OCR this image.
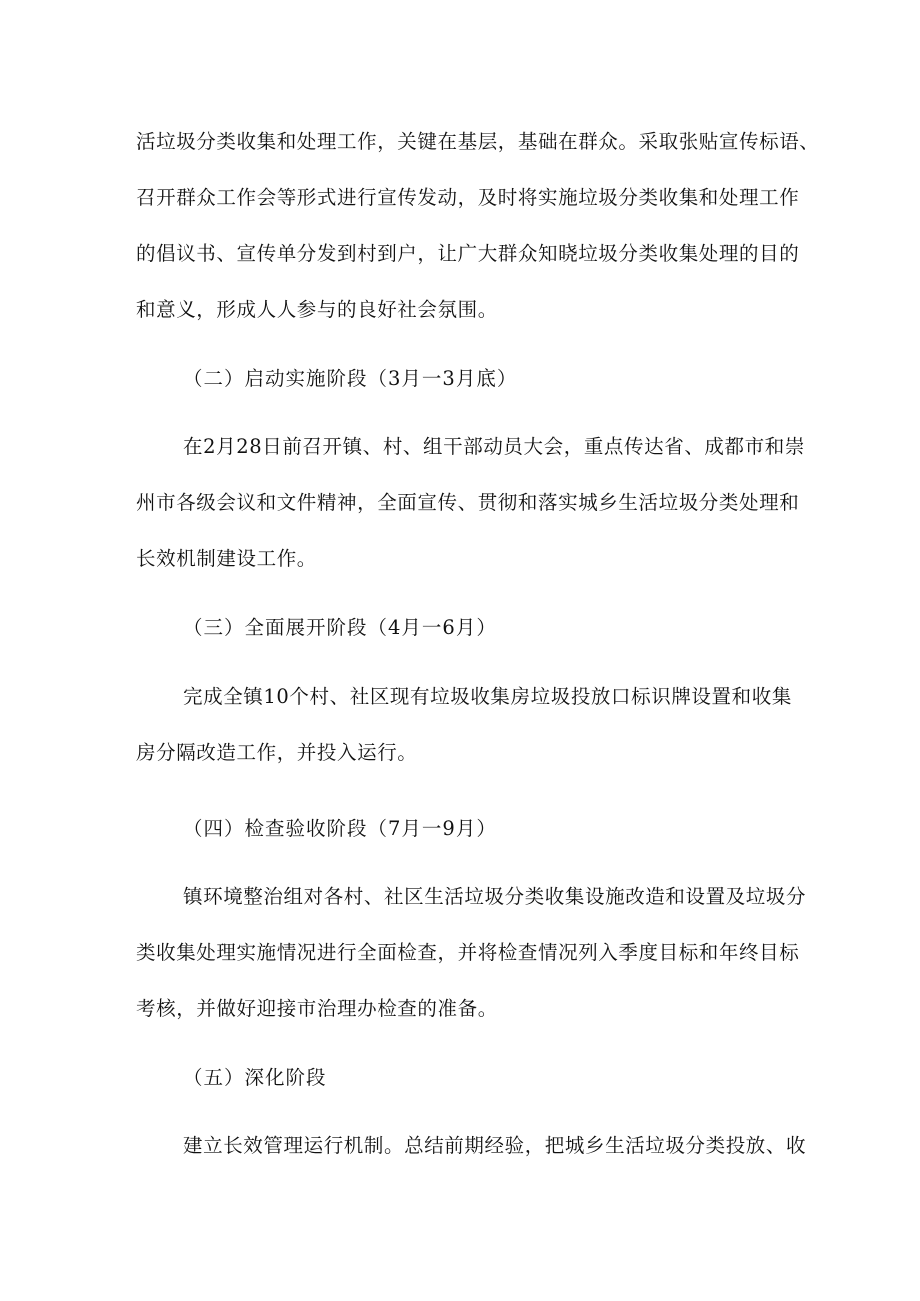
活垃圾分类收集和处理工作，关键在基层，基础在群众。采取张贴宣传标语、
召开群众工作会等形式进行宣传发动，及时将实施垃圾分类收集和处理工作
的倡议书、宣传单分发到村到户，让广大群众知晓垃圾分类收集处理的目的
和意义，形成人人参与的良好社会氛围。
（二）启动实施阶段（3月一3月底）
在2月28日前召开镇、村、组干部动员大会，重点传达省、成都市和崇
州市各级会议和文件精神，全面宣传、贯彻和落实城乡生活垃圾分类处理和
长效机制建设工作。
（三）全面展开阶段（4月一6月）
完成全镇10个村、社区现有垃圾收集房垃圾投放口标识牌设置和收集
房分隔改造工作，并投入运行。
（四）检查验收阶段（7月一9月）
镇环境整治组对各村、社区生活垃圾分类收集设施改造和设置及垃圾分
类收集处理实施情况进行全面检查，并将检查情况列入季度目标和年终目标
考核，并做好迎接市治理办检查的准备。
（五）深化阶段
建立长效管理运行机制。总结前期经验，把城乡生活垃圾分类投放、收
